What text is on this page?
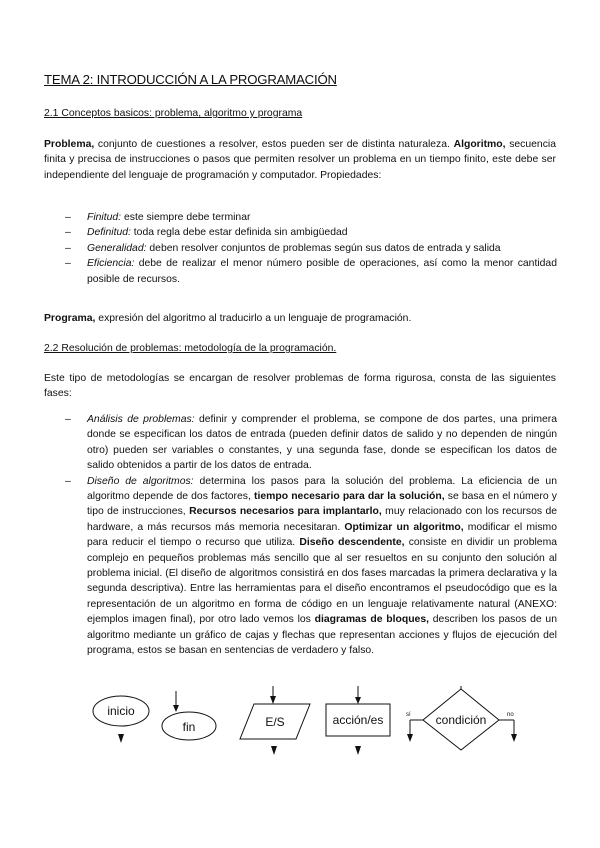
TEMA 2: INTRODUCCIÓN A LA PROGRAMACIÓN
2.1 Conceptos basicos: problema, algoritmo y programa
Problema, conjunto de cuestiones a resolver, estos pueden ser de distinta naturaleza. Algoritmo, secuencia finita y precisa de instrucciones o pasos que permiten resolver un problema en un tiempo finito, este debe ser independiente del lenguaje de programación y computador. Propiedades:
– Finitud: este siempre debe terminar
– Definitud: toda regla debe estar definida sin ambigüedad
– Generalidad: deben resolver conjuntos de problemas según sus datos de entrada y salida
– Eficiencia: debe de realizar el menor número posible de operaciones, así como la menor cantidad posible de recursos.
Programa, expresión del algoritmo al traducirlo a un lenguaje de programación.
2.2 Resolución de problemas: metodología de la programación.
Este tipo de metodologías se encargan de resolver problemas de forma rigurosa, consta de las siguientes fases:
– Análisis de problemas: definir y comprender el problema, se compone de dos partes, una primera donde se especifican los datos de entrada (pueden definir datos de salido y no dependen de ningún otro) pueden ser variables o constantes, y una segunda fase, donde se especifican los datos de salido obtenidos a partir de los datos de entrada.
– Diseño de algoritmos: determina los pasos para la solución del problema. La eficiencia de un algoritmo depende de dos factores, tiempo necesario para dar la solución, se basa en el número y tipo de instrucciones, Recursos necesarios para implantarlo, muy relacionado con los recursos de hardware, a más recursos más memoria necesitaran. Optimizar un algoritmo, modificar el mismo para reducir el tiempo o recurso que utiliza. Diseño descendente, consiste en dividir un problema complejo en pequeños problemas más sencillo que al ser resueltos en su conjunto den solución al problema inicial. (El diseño de algoritmos consistirá en dos fases marcadas la primera declarativa y la segunda descriptiva). Entre las herramientas para el diseño encontramos el pseudocódigo que es la representación de un algoritmo en forma de código en un lenguaje relativamente natural (ANEXO: ejemplos imagen final), por otro lado vemos los diagramas de bloques, describen los pasos de un algoritmo mediante un gráfico de cajas y flechas que representan acciones y flujos de ejecución del programa, estos se basan en sentencias de verdadero y falso.
inicio
fin	E/S	acción/es	condición
sí	no
